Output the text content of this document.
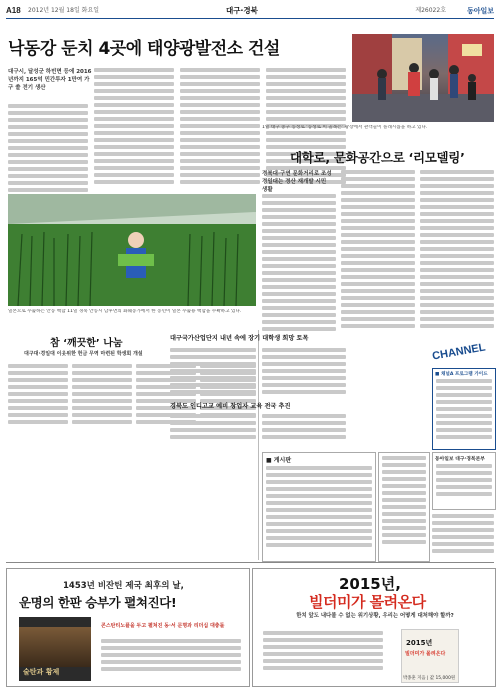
A18 2012년 12월 18일 화요일	대구·경북	제26022호	동아일보
낙동강 둔치 4곳에 태양광발전소 건설
대구시, 달성군 하빈면 등에 2016년까지 165억 민간투자 1만여 가구 쓸 전기 생산
1일 대구 중구 동성로 ‘동성로 이 골목은’ 광장에서 관객들이 플래시몹을 하고 있다.
대학로, 문화공간으로 ‘리모델링’
경북대·구연 문화거리로 조성 경일대는 경산 재개발 시민 생활
일본으로 수출하는 안동 백합 11일 경북 안동시 남후면의 화훼농가에서 한 농민이 일본 수출용 백합을 수확하고 있다.
참 ‘깨끗한’ 나눔
대구대·경일대 이웃위한 헌금 무역 마련된 학생회 개설
대구국가산업단지 내년 속에 장기 대학생 희망 토목
경북도 인디고교 예비 창업자 교육 전국 추진
■ 게시판
CHANNEL
■ 채널A 프로그램 가이드
동아일보 대구·경북본부
1453년 비잔틴 제국 최후의 날,
운명의 한판 승부가 펼쳐진다!
술탄과 황제
콘스탄티노플을 두고 펼쳐진 동·서 문명과 리더십 대충돌
2015년,
빌더미가 몰려온다
한치 앞도 내다볼 수 없는 위기상황, 우리는 어떻게 대처해야 할까?
2015년
빌더미가 몰려온다
박종훈 지음 | 값 15,000원
